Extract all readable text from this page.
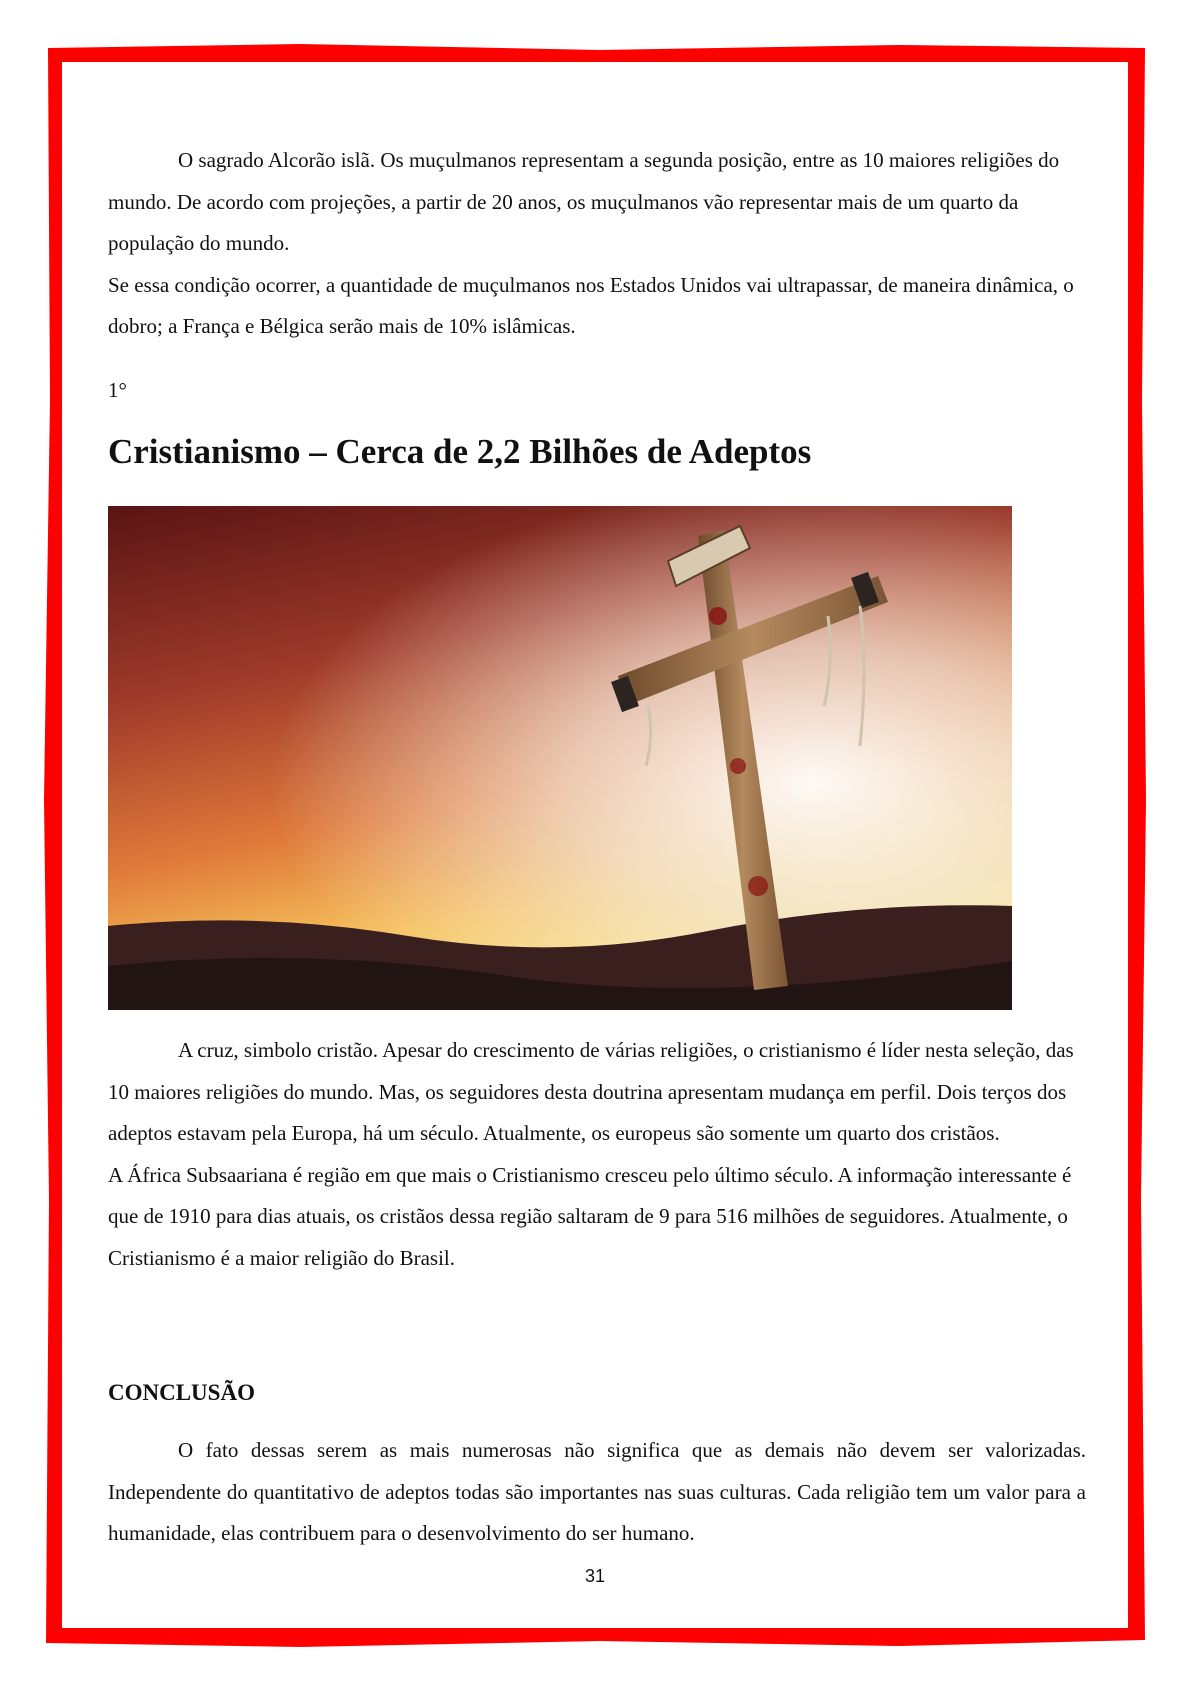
O sagrado Alcorão islã. Os muçulmanos representam a segunda posição, entre as 10 maiores religiões do mundo. De acordo com projeções, a partir de 20 anos, os muçulmanos vão representar mais de um quarto da população do mundo.

Se essa condição ocorrer, a quantidade de muçulmanos nos Estados Unidos vai ultrapassar, de maneira dinâmica, o dobro; a França e Bélgica serão mais de 10% islâmicas.

1°

Cristianismo – Cerca de 2,2 Bilhões de Adeptos

A cruz, simbolo cristão. Apesar do crescimento de várias religiões, o cristianismo é líder nesta seleção, das 10 maiores religiões do mundo. Mas, os seguidores desta doutrina apresentam mudança em perfil. Dois terços dos adeptos estavam pela Europa, há um século. Atualmente, os europeus são somente um quarto dos cristãos.

A África Subsaariana é região em que mais o Cristianismo cresceu pelo último século. A informação interessante é que de 1910 para dias atuais, os cristãos dessa região saltaram de 9 para 516 milhões de seguidores. Atualmente, o Cristianismo é a maior religião do Brasil.

CONCLUSÃO

O fato dessas serem as mais numerosas não significa que as demais não devem ser valorizadas. Independente do quantitativo de adeptos todas são importantes nas suas culturas. Cada religião tem um valor para a humanidade, elas contribuem para o desenvolvimento do ser humano.

31
